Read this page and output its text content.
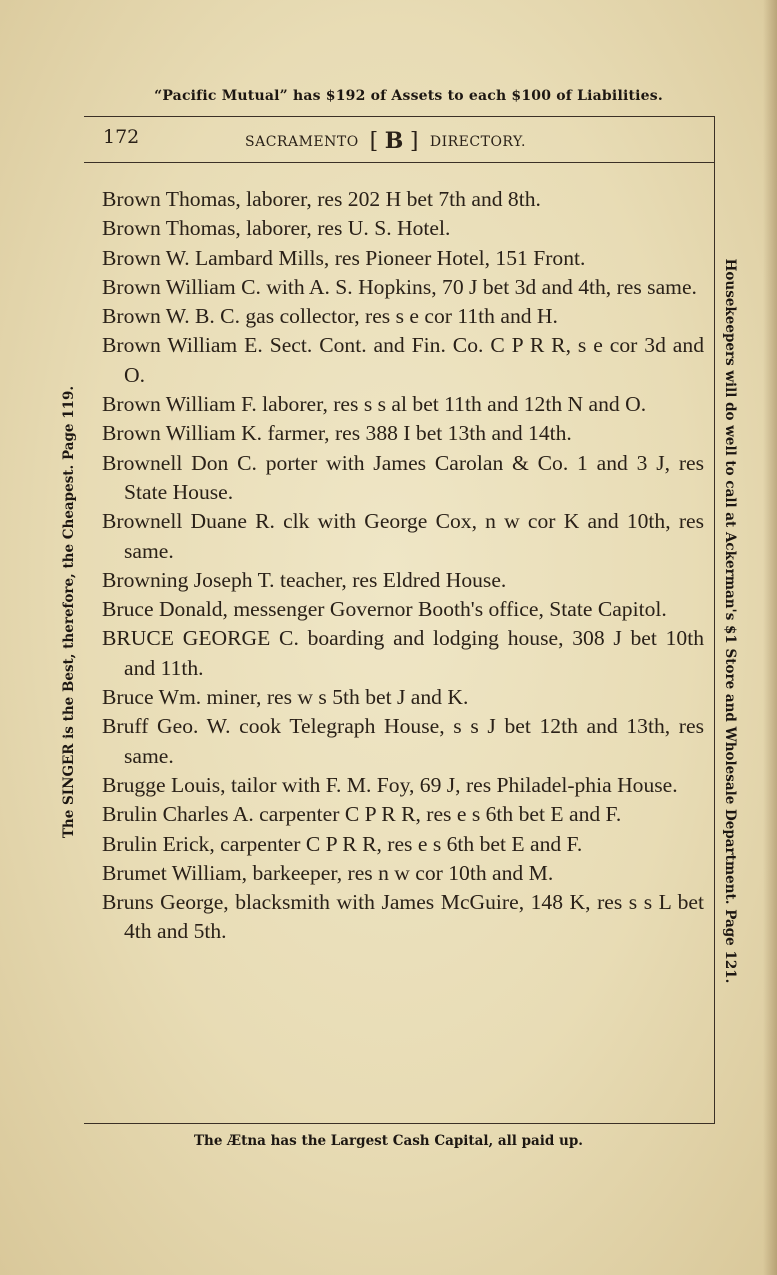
“Pacific Mutual” has $192 of Assets to each $100 of Liabilities.
The SINGER is the Best, therefore, the Cheapest. Page 119.	Housekeepers will do well to call at Ackerman's $1 Store and Wholesale Department. Page 121.
172	SACRAMENTO [ B ] DIRECTORY.
Brown Thomas, laborer, res 202 H bet 7th and 8th.
Brown Thomas, laborer, res U. S. Hotel.
Brown W. Lambard Mills, res Pioneer Hotel, 151 Front.
Brown William C. with A. S. Hopkins, 70 J bet 3d and 4th, res same.
Brown W. B. C. gas collector, res s e cor 11th and H.
Brown William E. Sect. Cont. and Fin. Co. C P R R, s e cor 3d and O.
Brown William F. laborer, res s s al bet 11th and 12th N and O.
Brown William K. farmer, res 388 I bet 13th and 14th.
Brownell Don C. porter with James Carolan & Co. 1 and 3 J, res State House.
Brownell Duane R. clk with George Cox, n w cor K and 10th, res same.
Browning Joseph T. teacher, res Eldred House.
Bruce Donald, messenger Governor Booth's office, State Capitol.
BRUCE GEORGE C. boarding and lodging house, 308 J bet 10th and 11th.
Bruce Wm. miner, res w s 5th bet J and K.
Bruff Geo. W. cook Telegraph House, s s J bet 12th and 13th, res same.
Brugge Louis, tailor with F. M. Foy, 69 J, res Philadel-phia House.
Brulin Charles A. carpenter C P R R, res e s 6th bet E and F.
Brulin Erick, carpenter C P R R, res e s 6th bet E and F.
Brumet William, barkeeper, res n w cor 10th and M.
Bruns George, blacksmith with James McGuire, 148 K, res s s L bet 4th and 5th.
The Ætna has the Largest Cash Capital, all paid up.
